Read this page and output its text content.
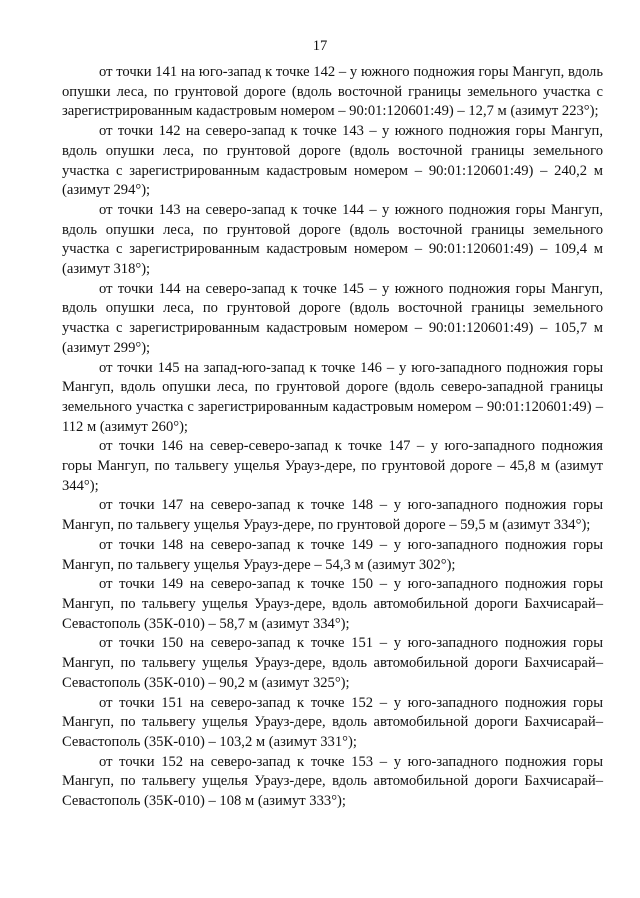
17

от точки 141 на юго-запад к точке 142 – у южного подножия горы Мангуп, вдоль опушки леса, по грунтовой дороге (вдоль восточной границы земельного участка с зарегистрированным кадастровым номером – 90:01:120601:49) – 12,7 м (азимут 223°);

от точки 142 на северо-запад к точке 143 – у южного подножия горы Мангуп, вдоль опушки леса, по грунтовой дороге (вдоль восточной границы земельного участка с зарегистрированным кадастровым номером – 90:01:120601:49) – 240,2 м (азимут 294°);

от точки 143 на северо-запад к точке 144 – у южного подножия горы Мангуп, вдоль опушки леса, по грунтовой дороге (вдоль восточной границы земельного участка с зарегистрированным кадастровым номером – 90:01:120601:49) – 109,4 м (азимут 318°);

от точки 144 на северо-запад к точке 145 – у южного подножия горы Мангуп, вдоль опушки леса, по грунтовой дороге (вдоль восточной границы земельного участка с зарегистрированным кадастровым номером – 90:01:120601:49) – 105,7 м (азимут 299°);

от точки 145 на запад-юго-запад к точке 146 – у юго-западного подножия горы Мангуп, вдоль опушки леса, по грунтовой дороге (вдоль северо-западной границы земельного участка с зарегистрированным кадастровым номером – 90:01:120601:49) – 112 м (азимут 260°);

от точки 146 на север-северо-запад к точке 147 – у юго-западного подножия горы Мангуп, по тальвегу ущелья Урауз-дере, по грунтовой дороге – 45,8 м (азимут 344°);

от точки 147 на северо-запад к точке 148 – у юго-западного подножия горы Мангуп, по тальвегу ущелья Урауз-дере, по грунтовой дороге – 59,5 м (азимут 334°);

от точки 148 на северо-запад к точке 149 – у юго-западного подножия горы Мангуп, по тальвегу ущелья Урауз-дере – 54,3 м (азимут 302°);

от точки 149 на северо-запад к точке 150 – у юго-западного подножия горы Мангуп, по тальвегу ущелья Урауз-дере, вдоль автомобильной дороги Бахчисарай–Севастополь (35К-010) – 58,7 м (азимут 334°);

от точки 150 на северо-запад к точке 151 – у юго-западного подножия горы Мангуп, по тальвегу ущелья Урауз-дере, вдоль автомобильной дороги Бахчисарай–Севастополь (35К-010) – 90,2 м (азимут 325°);

от точки 151 на северо-запад к точке 152 – у юго-западного подножия горы Мангуп, по тальвегу ущелья Урауз-дере, вдоль автомобильной дороги Бахчисарай–Севастополь (35К-010) – 103,2 м (азимут 331°);

от точки 152 на северо-запад к точке 153 – у юго-западного подножия горы Мангуп, по тальвегу ущелья Урауз-дере, вдоль автомобильной дороги Бахчисарай–Севастополь (35К-010) – 108 м (азимут 333°);
